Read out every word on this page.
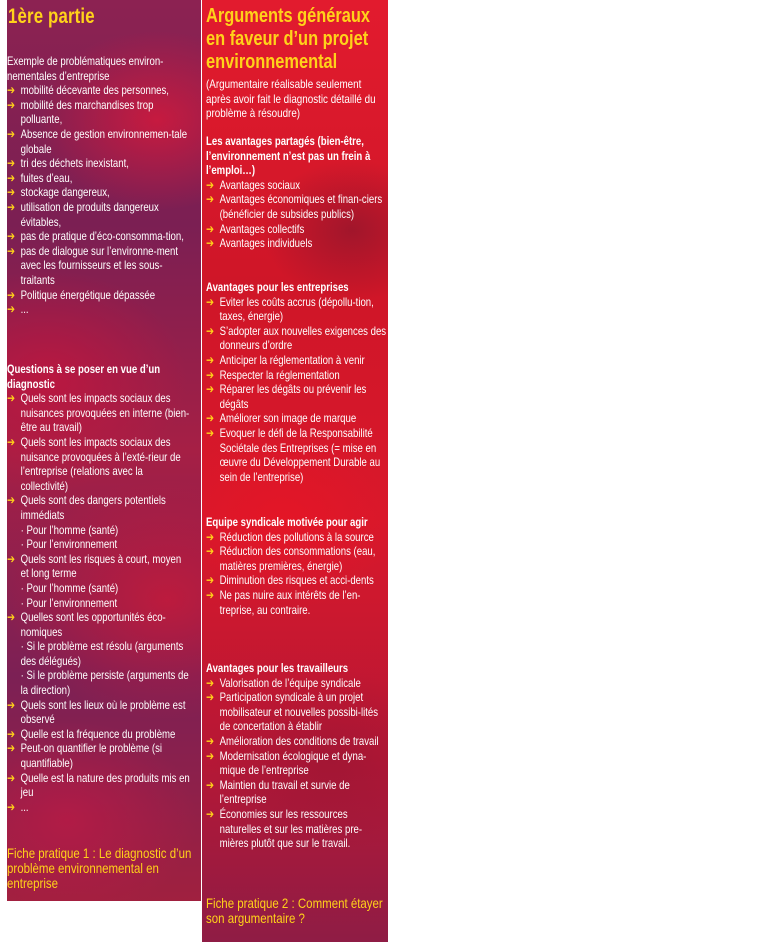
1ère partie

Exemple de problématiques environ-nementales d’entreprise

➔ mobilité décevante des personnes,
➔ mobilité des marchandises trop polluante,
➔ Absence de gestion environnemen-tale globale
➔ tri des déchets inexistant,
➔ fuites d’eau,
➔ stockage dangereux,
➔ utilisation de produits dangereux évitables,
➔ pas de pratique d’éco-consomma-tion,
➔ pas de dialogue sur l’environne-ment avec les fournisseurs et les sous-traitants
➔ Politique énergétique dépassée
➔ ...

Questions à se poser en vue d’un diagnostic

➔ Quels sont les impacts sociaux des nuisances provoquées en interne (bien-être au travail)
➔ Quels sont les impacts sociaux des nuisance provoquées à l’exté-rieur de l’entreprise (relations avec la collectivité)
➔ Quels sont des dangers potentiels immédiats
· Pour l’homme (santé)
· Pour l’environnement
➔ Quels sont les risques à court, moyen et long terme
· Pour l’homme (santé)
· Pour l’environnement
➔ Quelles sont les opportunités éco-nomiques
· Si le problème est résolu (arguments des délégués)
· Si le problème persiste (arguments de la direction)
➔ Quels sont les lieux où le problème est observé
➔ Quelle est la fréquence du problème
➔ Peut-on quantifier le problème (si quantifiable)
➔ Quelle est la nature des produits mis en jeu
➔ ...

Fiche pratique 1 : Le diagnostic d’un problème environnemental en entreprise

Arguments généraux en faveur d’un projet environnemental

(Argumentaire réalisable seulement après avoir fait le diagnostic détaillé du problème à résoudre)

Les avantages partagés (bien-être, l’environnement n’est pas un frein à l’emploi…)

➔ Avantages sociaux
➔ Avantages économiques et finan-ciers (bénéficier de subsides publics)
➔ Avantages collectifs
➔ Avantages individuels

Avantages pour les entreprises

➔ Eviter les coûts accrus (dépollu-tion, taxes, énergie)
➔ S’adopter aux nouvelles exigences des donneurs d’ordre
➔ Anticiper la réglementation à venir
➔ Respecter la réglementation
➔ Réparer les dégâts ou prévenir les dégâts
➔ Améliorer son image de marque
➔ Evoquer le défi de la Responsabilité Sociétale des Entreprises (= mise en œuvre du Développement Durable au sein de l’entreprise)

Equipe syndicale motivée pour agir

➔ Réduction des pollutions à la source
➔ Réduction des consommations (eau, matières premières, énergie)
➔ Diminution des risques et acci-dents
➔ Ne pas nuire aux intérêts de l’en-treprise, au contraire.

Avantages pour les travailleurs

➔ Valorisation de l’équipe syndicale
➔ Participation syndicale à un projet mobilisateur et nouvelles possibi-lités de concertation à établir
➔ Amélioration des conditions de travail
➔ Modernisation écologique et dyna-mique de l’entreprise
➔ Maintien du travail et survie de l’entreprise
➔ Économies sur les ressources naturelles et sur les matières pre-mières plutôt que sur le travail.

Fiche pratique 2 : Comment étayer son argumentaire ?
